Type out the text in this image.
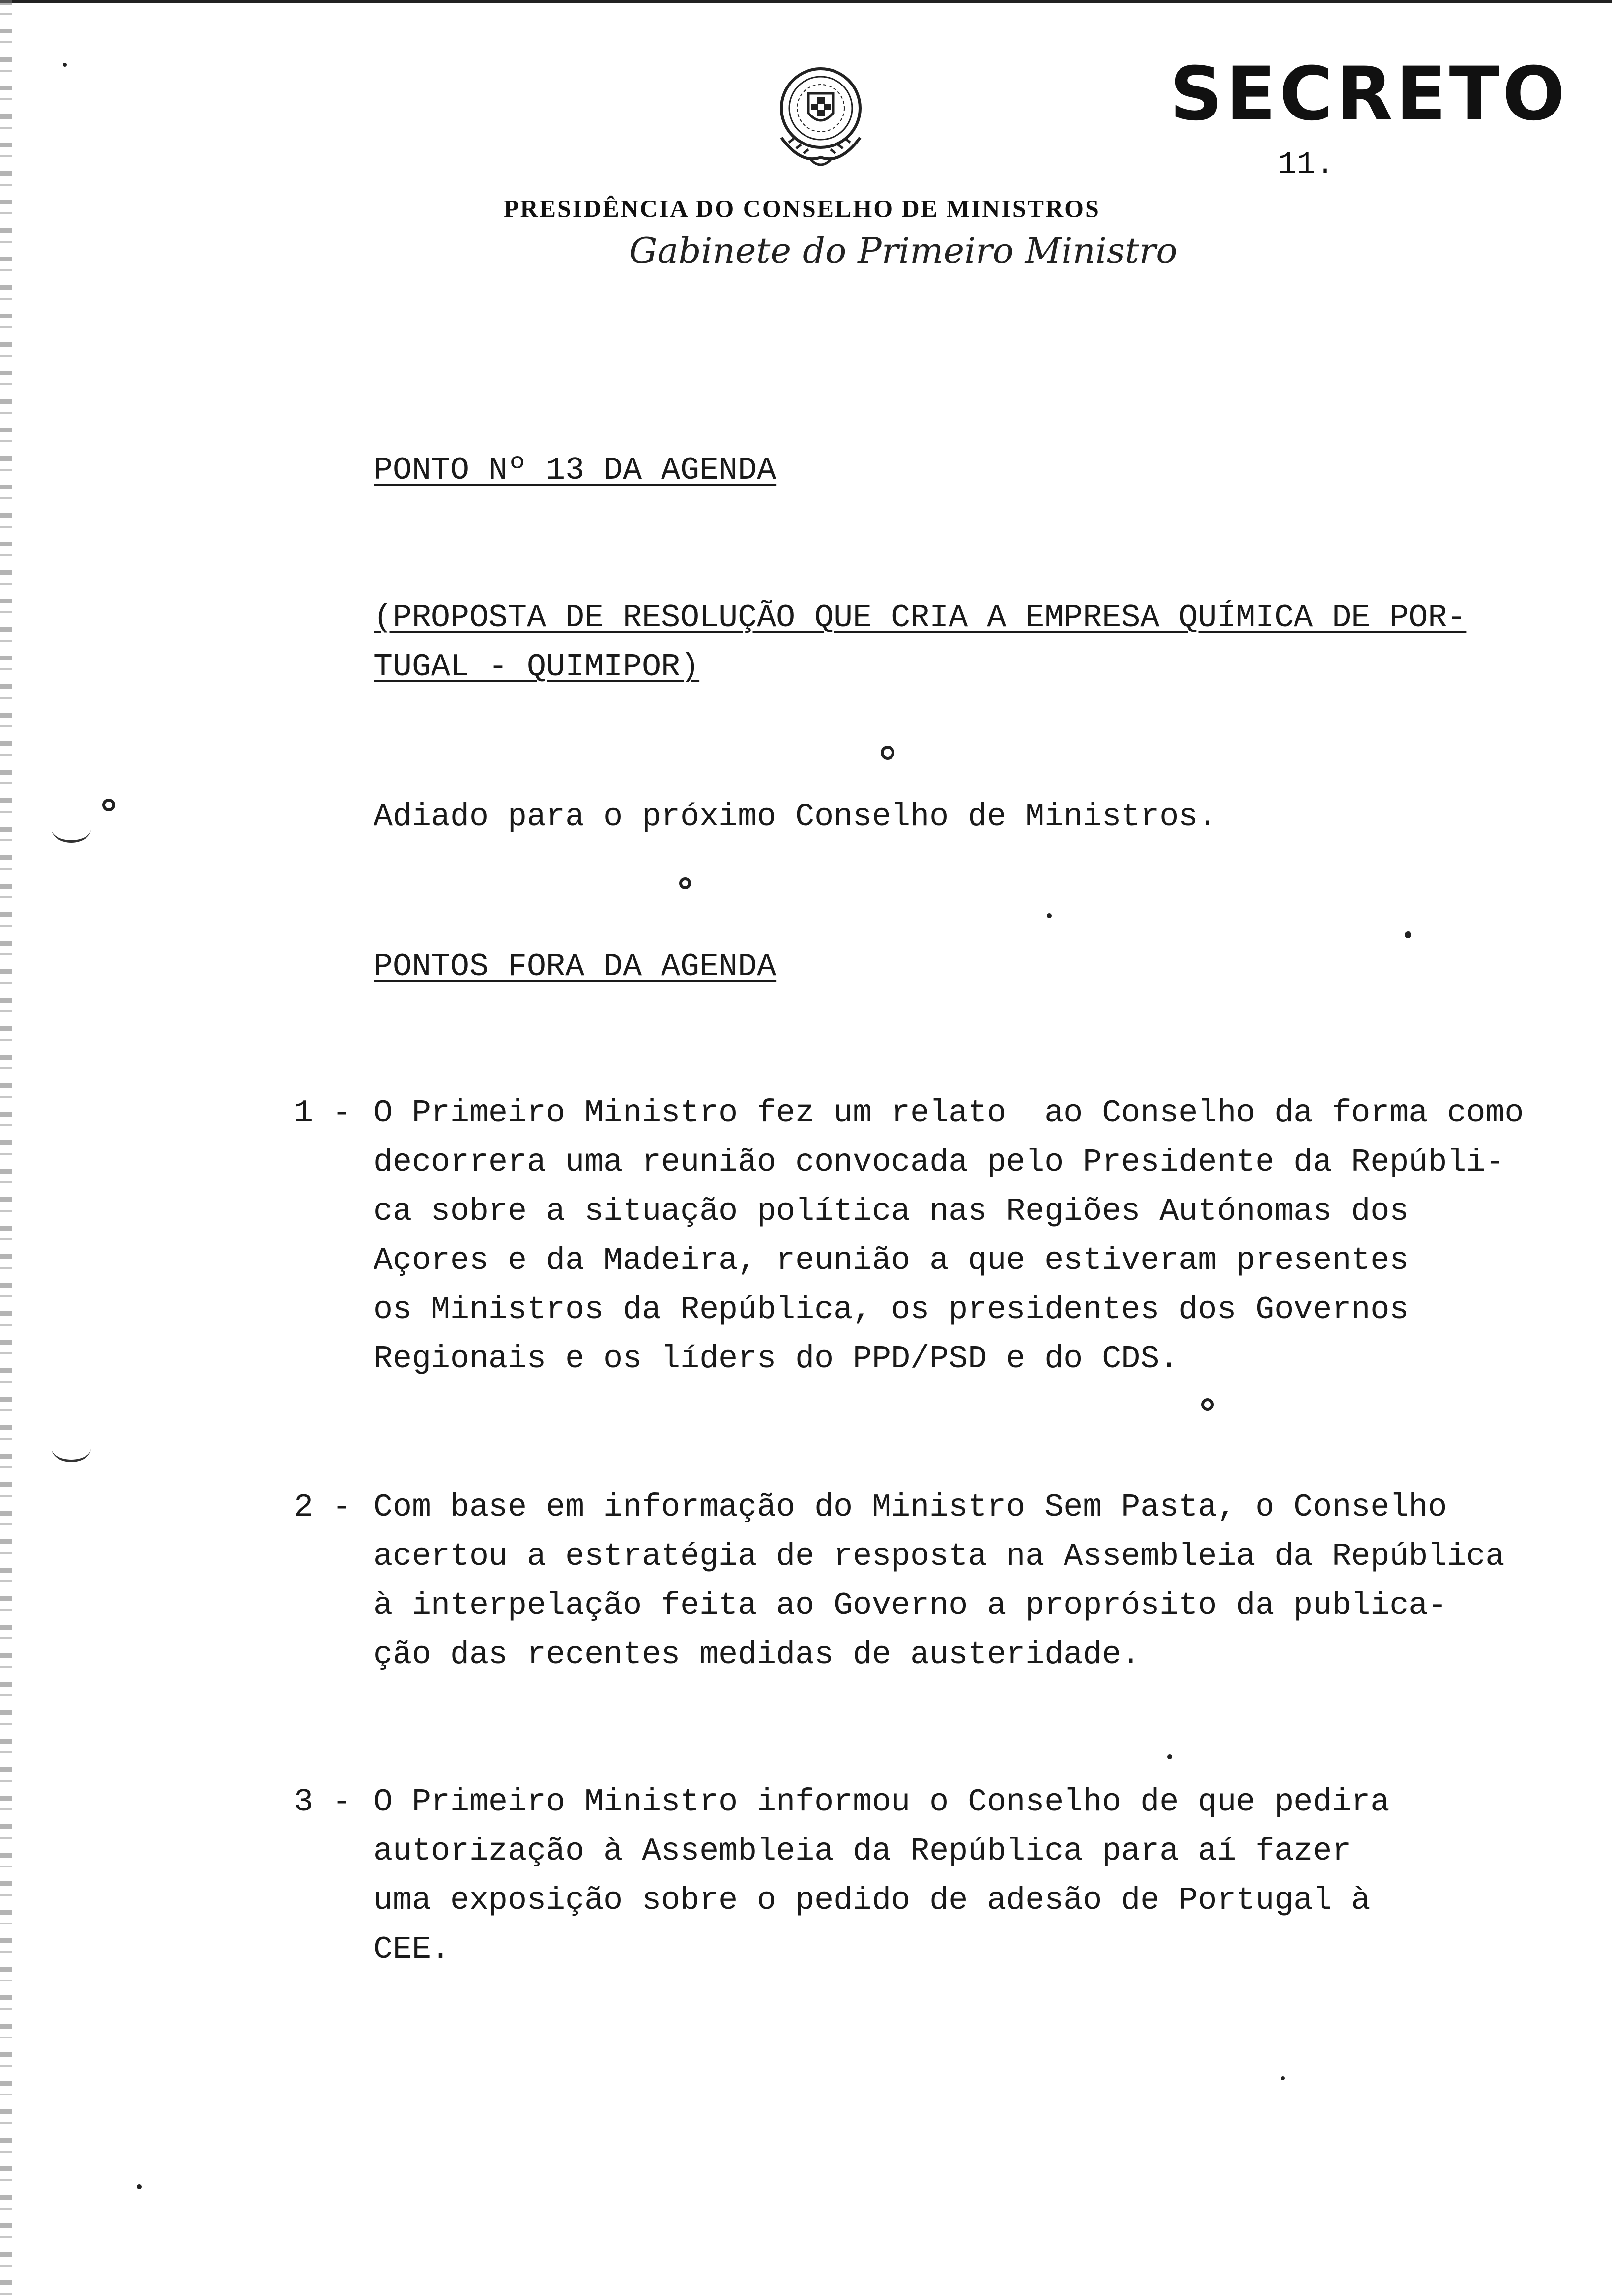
SECRETO
11.
PRESIDÊNCIA DO CONSELHO DE MINISTROS
Gabinete do Primeiro Ministro
PONTO Nº 13 DA AGENDA
(PROPOSTA DE RESOLUÇÃO QUE CRIA A EMPRESA QUÍMICA DE POR-
TUGAL - QUIMIPOR)
Adiado para o próximo Conselho de Ministros.
PONTOS FORA DA AGENDA
1 - O Primeiro Ministro fez um relato  ao Conselho da forma como
decorrera uma reunião convocada pelo Presidente da Repúbli-
ca sobre a situação política nas Regiões Autónomas dos
Açores e da Madeira, reunião a que estiveram presentes
os Ministros da República, os presidentes dos Governos
Regionais e os líders do PPD/PSD e do CDS.
2 - Com base em informação do Ministro Sem Pasta, o Conselho
acertou a estratégia de resposta na Assembleia da República
à interpelação feita ao Governo a proprósito da publica-
ção das recentes medidas de austeridade.
3 - O Primeiro Ministro informou o Conselho de que pedira
autorização à Assembleia da República para aí fazer
uma exposição sobre o pedido de adesão de Portugal à
CEE.
